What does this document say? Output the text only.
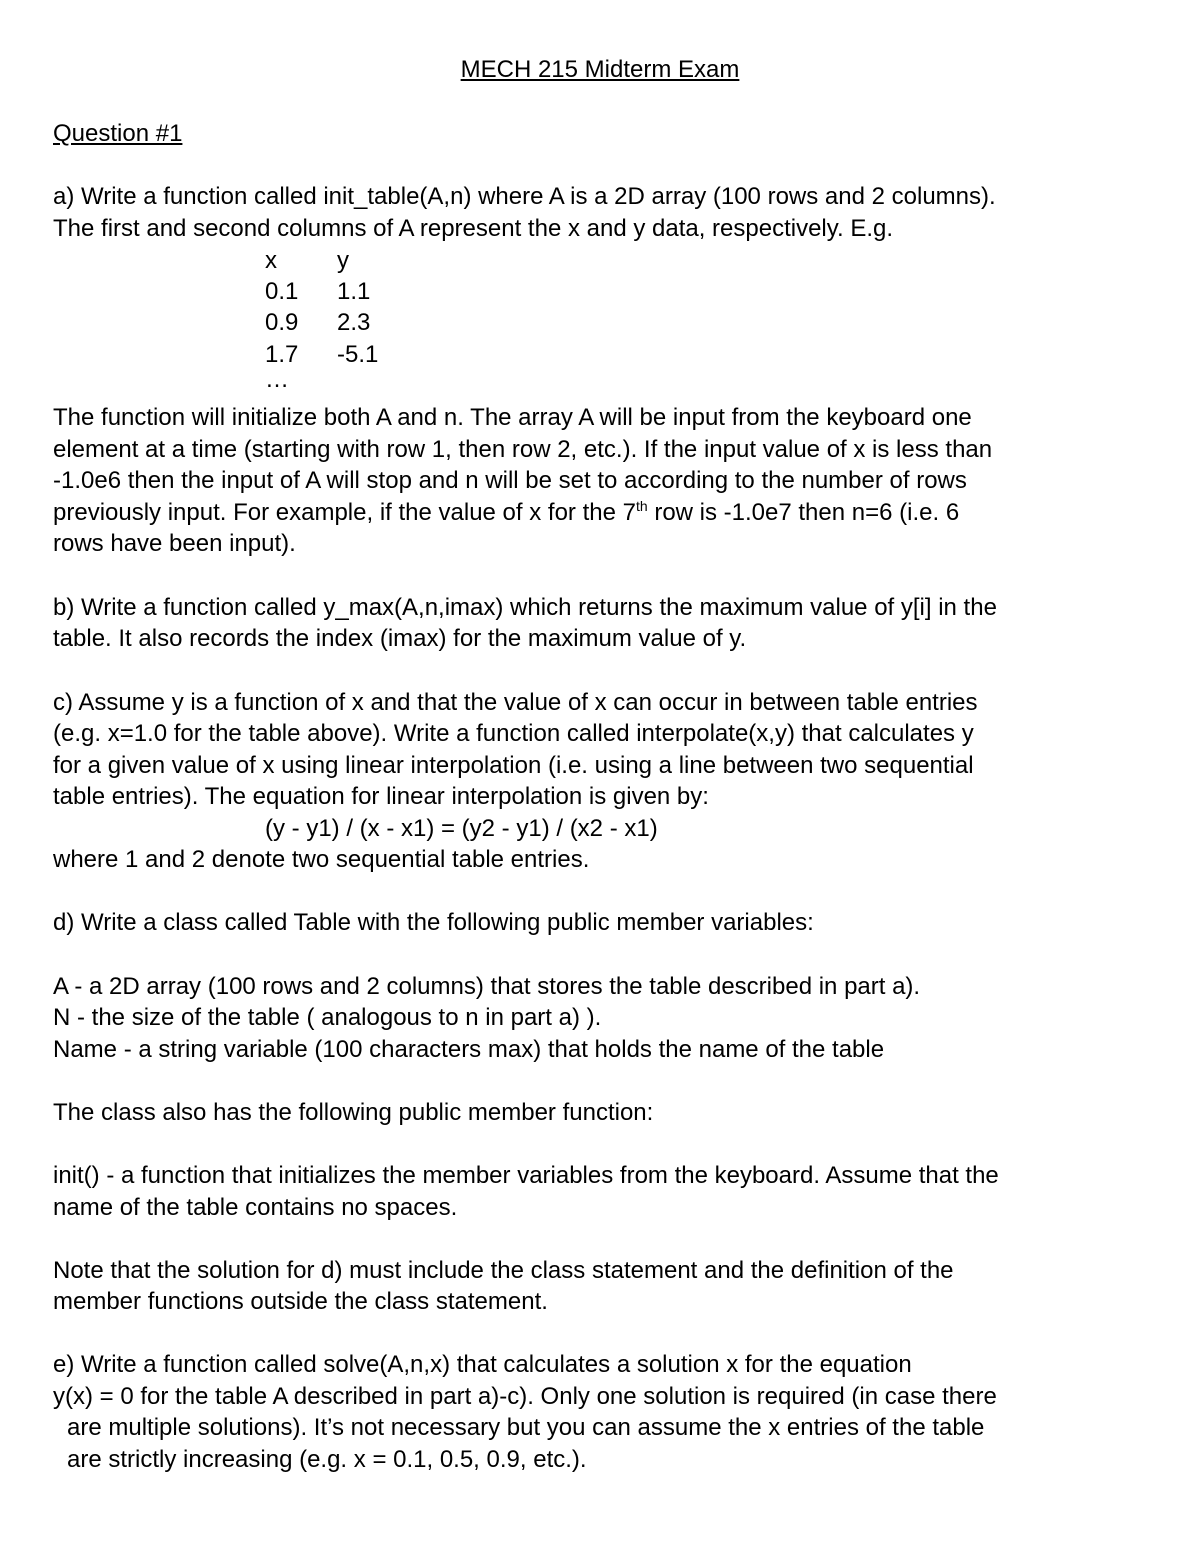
MECH 215 Midterm Exam
Question #1
a) Write a function called init_table(A,n) where A is a 2D array (100 rows and 2 columns).
The first and second columns of A represent the x and y data, respectively. E.g.
x	y
0.1 1.1
0.9 2.3
1.7 -5.1
…
The function will initialize both A and n. The array A will be input from the keyboard one
element at a time (starting with row 1, then row 2, etc.). If the input value of x is less than
-1.0e6 then the input of A will stop and n will be set to according to the number of rows
previously input. For example, if the value of x for the 7th row is -1.0e7 then n=6 (i.e. 6
rows have been input).
b) Write a function called y_max(A,n,imax) which returns the maximum value of y[i] in the
table. It also records the index (imax) for the maximum value of y.
c) Assume y is a function of x and that the value of x can occur in between table entries
(e.g. x=1.0 for the table above). Write a function called interpolate(x,y) that calculates y
for a given value of x using linear interpolation (i.e. using a line between two sequential
table entries). The equation for linear interpolation is given by:
(y - y1) / (x - x1) = (y2 - y1) / (x2 - x1)
where 1 and 2 denote two sequential table entries.
d) Write a class called Table with the following public member variables:
A - a 2D array (100 rows and 2 columns) that stores the table described in part a).
N - the size of the table ( analogous to n in part a) ).
Name - a string variable (100 characters max) that holds the name of the table
The class also has the following public member function:
init() - a function that initializes the member variables from the keyboard. Assume that the
name of the table contains no spaces.
Note that the solution for d) must include the class statement and the definition of the
member functions outside the class statement.
e) Write a function called solve(A,n,x) that calculates a solution x for the equation
y(x) = 0 for the table A described in part a)-c). Only one solution is required (in case there
are multiple solutions). It’s not necessary but you can assume the x entries of the table
are strictly increasing (e.g. x = 0.1, 0.5, 0.9, etc.).
